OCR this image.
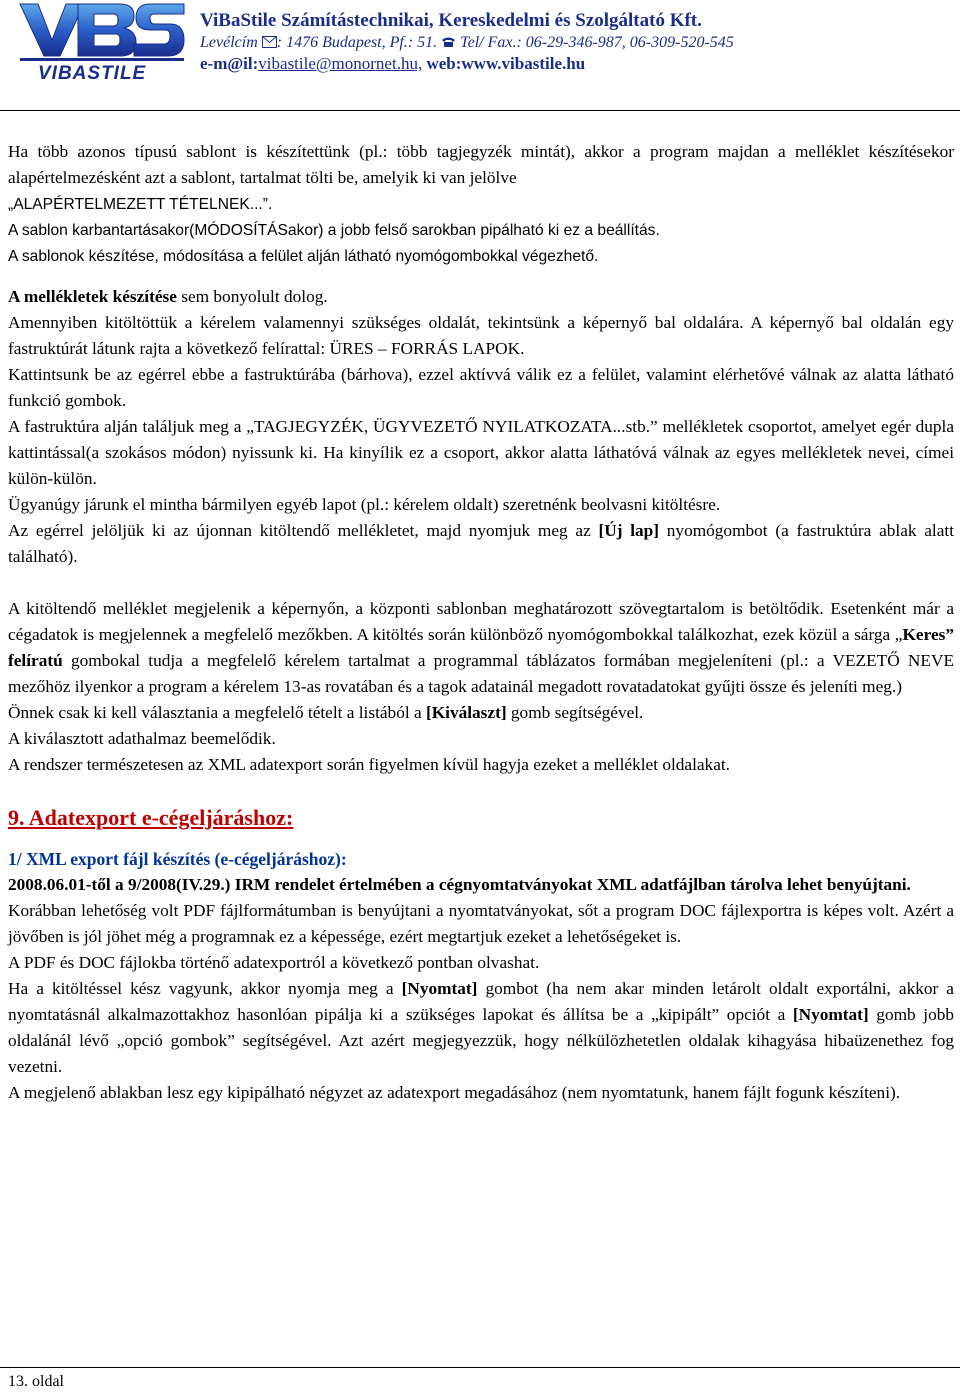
VIBASTILE
ViBaStile Számítástechnikai, Kereskedelmi és Szolgáltató Kft.
Levélcím : 1476 Budapest, Pf.: 51.  Tel/ Fax.: 06-29-346-987, 06-309-520-545
e-m@il:vibastile@monornet.hu, web:www.vibastile.hu

Ha több azonos típusú sablont is készítettünk (pl.: több tagjegyzék mintát), akkor a program majdan a melléklet készítésekor alapértelmezésként azt a sablont, tartalmat tölti be, amelyik ki van jelölve
„ALAPÉRTELMEZETT TÉTELNEK...”.

A sablon karbantartásakor(MÓDOSÍTÁSakor) a jobb felső sarokban pipálható ki ez a beállítás.
A sablonok készítése, módosítása a felület alján látható nyomógombokkal végezhető.

A mellékletek készítése sem bonyolult dolog.

Amennyiben kitöltöttük a kérelem valamennyi szükséges oldalát, tekintsünk a képernyő bal oldalára. A képernyő bal oldalán egy fastruktúrát látunk rajta a következő felírattal: ÜRES – FORRÁS LAPOK.

Kattintsunk be az egérrel ebbe a fastruktúrába (bárhova), ezzel aktívvá válik ez a felület, valamint elérhetővé válnak az alatta látható funkció gombok.

A fastruktúra alján találjuk meg a „TAGJEGYZÉK, ÜGYVEZETŐ NYILATKOZATA...stb.” mellékletek csoportot, amelyet egér dupla kattintással(a szokásos módon) nyissunk ki. Ha kinyílik ez a csoport, akkor alatta láthatóvá válnak az egyes mellékletek nevei, címei külön-külön.

Ügyanúgy járunk el mintha bármilyen egyéb lapot (pl.: kérelem oldalt) szeretnénk beolvasni kitöltésre.

Az egérrel jelöljük ki az újonnan kitöltendő mellékletet, majd nyomjuk meg az [Új lap] nyomógombot (a fastruktúra ablak alatt található).

A kitöltendő melléklet megjelenik a képernyőn, a központi sablonban meghatározott szövegtartalom is betöltődik. Esetenként már a cégadatok is megjelennek a megfelelő mezőkben. A kitöltés során különböző nyomógombokkal találkozhat, ezek közül a sárga „Keres” felíratú gombokal tudja a megfelelő kérelem tartalmat a programmal táblázatos formában megjeleníteni (pl.: a VEZETŐ NEVE mezőhöz ilyenkor a program a kérelem 13-as rovatában és a tagok adatainál megadott rovatadatokat gyűjti össze és jeleníti meg.)

Önnek csak ki kell választania a megfelelő tételt a listából a [Kiválaszt] gomb segítségével.

A kiválasztott adathalmaz beemelődik.

A rendszer természetesen az XML adatexport során figyelmen kívül hagyja ezeket a melléklet oldalakat.

9. Adatexport e-cégeljáráshoz:
1/ XML export fájl készítés (e-cégeljáráshoz):

2008.06.01-től a 9/2008(IV.29.) IRM rendelet értelmében a cégnyomtatványokat XML adatfájlban tárolva lehet benyújtani.

Korábban lehetőség volt PDF fájlformátumban is benyújtani a nyomtatványokat, sőt a program DOC fájlexportra is képes volt. Azért a jövőben is jól jöhet még a programnak ez a képessége, ezért megtartjuk ezeket a lehetőségeket is.

A PDF és DOC fájlokba történő adatexportról a következő pontban olvashat.

Ha a kitöltéssel kész vagyunk, akkor nyomja meg a [Nyomtat] gombot (ha nem akar minden letárolt oldalt exportálni, akkor a nyomtatásnál alkalmazottakhoz hasonlóan pipálja ki a szükséges lapokat és állítsa be a „kipipált” opciót a [Nyomtat] gomb jobb oldalánál lévő „opció gombok” segítségével. Azt azért megjegyezzük, hogy nélkülözhetetlen oldalak kihagyása hibaüzenethez fog vezetni.

A megjelenő ablakban lesz egy kipipálható négyzet az adatexport megadásához (nem nyomtatunk, hanem fájlt fogunk készíteni).

13. oldal
